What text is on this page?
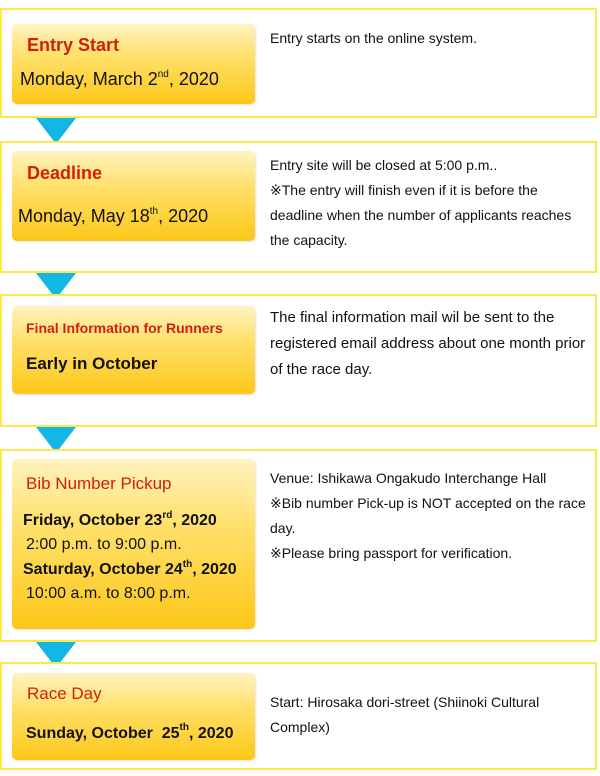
Entry Start
Monday, March 2nd, 2020

Entry starts on the online system.

Deadline
Monday, May 18th, 2020

Entry site will be closed at 5:00 p.m..

※The entry will finish even if it is before the deadline when the number of applicants reaches the capacity.

Final Information for Runners
Early in October

The final information mail wil be sent to the registered email address about one month prior of the race day.

Bib Number Pickup
Friday, October 23rd, 2020
2:00 p.m. to 9:00 p.m.
Saturday, October 24th, 2020
10:00 a.m. to 8:00 p.m.

Venue: Ishikawa Ongakudo Interchange Hall

※Bib number Pick-up is NOT accepted on the race day.

※Please bring passport for verification.

Race Day
Sunday, October  25th, 2020

Start: Hirosaka dori-street (Shiinoki Cultural Complex)
